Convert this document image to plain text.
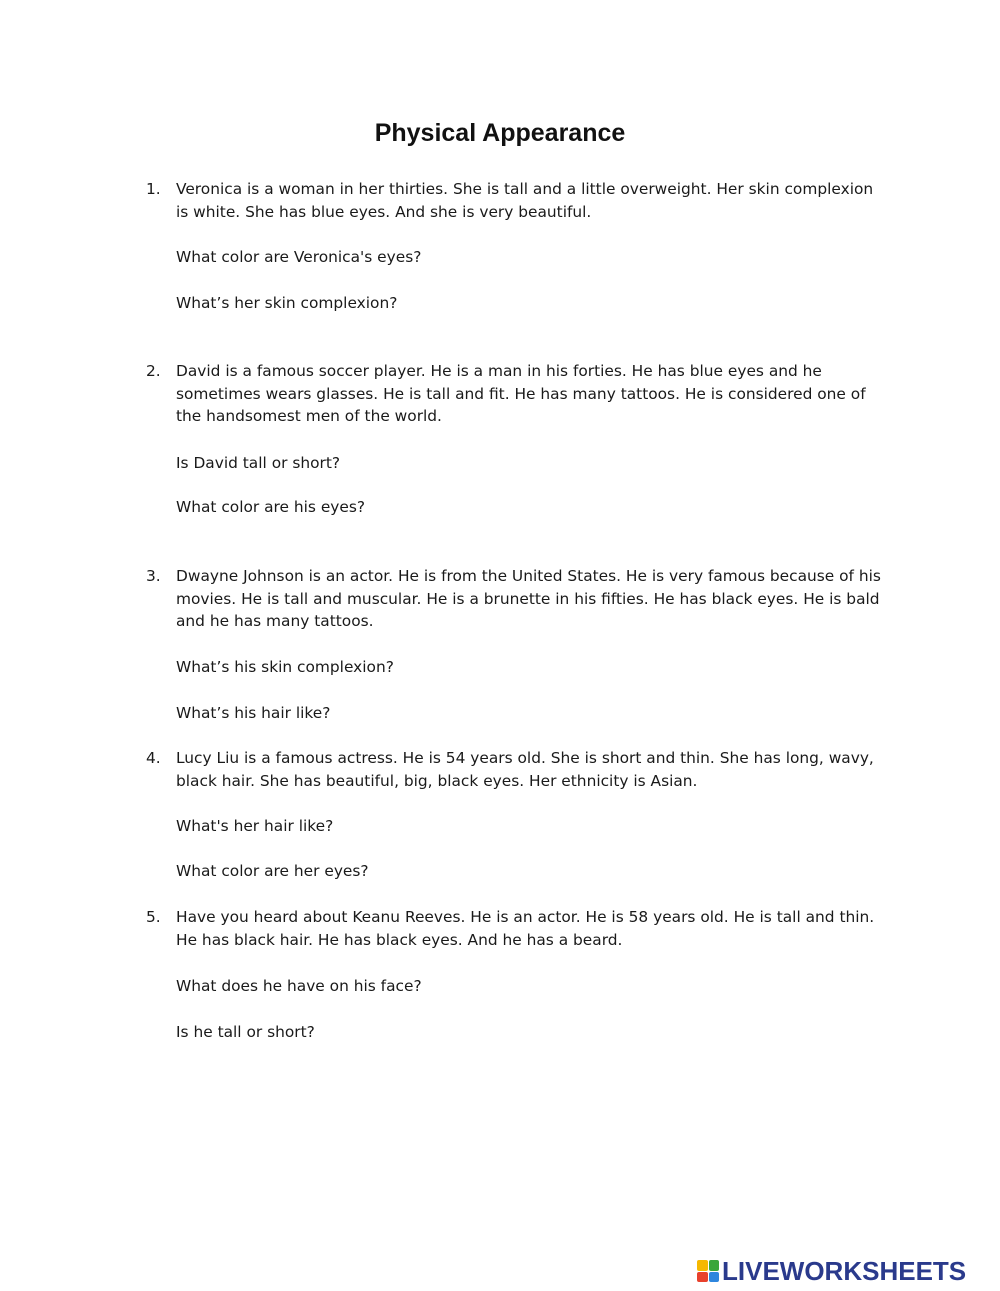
Physical Appearance
1. Veronica is a woman in her thirties. She is tall and a little overweight. Her skin complexion is white. She has blue eyes. And she is very beautiful.

What color are Veronica's eyes?
What’s her skin complexion?
2. David is a famous soccer player. He is a man in his forties. He has blue eyes and he sometimes wears glasses. He is tall and fit. He has many tattoos. He is considered one of the handsomest men of the world.

Is David tall or short?
What color are his eyes?
3. Dwayne Johnson is an actor. He is from the United States. He is very famous because of his movies. He is tall and muscular. He is a brunette in his fifties. He has black eyes. He is bald and he has many tattoos.

What’s his skin complexion?
What’s his hair like?
4. Lucy Liu is a famous actress. He is 54 years old. She is short and thin. She has long, wavy, black hair. She has beautiful, big, black eyes. Her ethnicity is Asian.

What's her hair like?
What color are her eyes?
5. Have you heard about Keanu Reeves. He is an actor. He is 58 years old. He is tall and thin. He has black hair. He has black eyes. And he has a beard.

What does he have on his face?
Is he tall or short?
LIVEWORKSHEETS
